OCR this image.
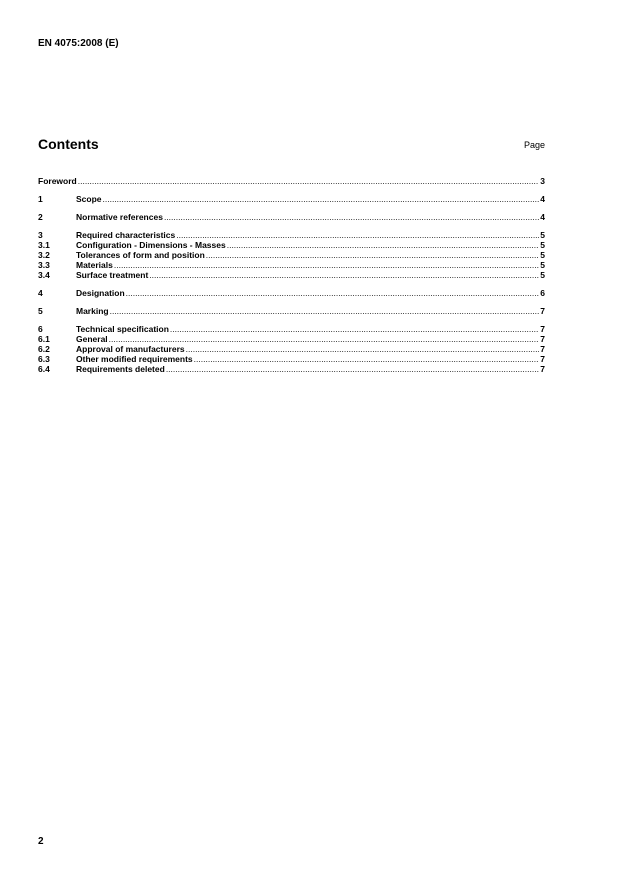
EN 4075:2008 (E)
Contents	Page
Foreword .....	3
1	Scope .....	4
2	Normative references .....	4
3	Required characteristics .....	5
3.1	Configuration - Dimensions - Masses .....	5
3.2	Tolerances of form and position .....	5
3.3	Materials .....	5
3.4	Surface treatment .....	5
4	Designation .....	6
5	Marking .....	7
6	Technical specification .....	7
6.1	General .....	7
6.2	Approval of manufacturers .....	7
6.3	Other modified requirements .....	7
6.4	Requirements deleted .....	7
2
